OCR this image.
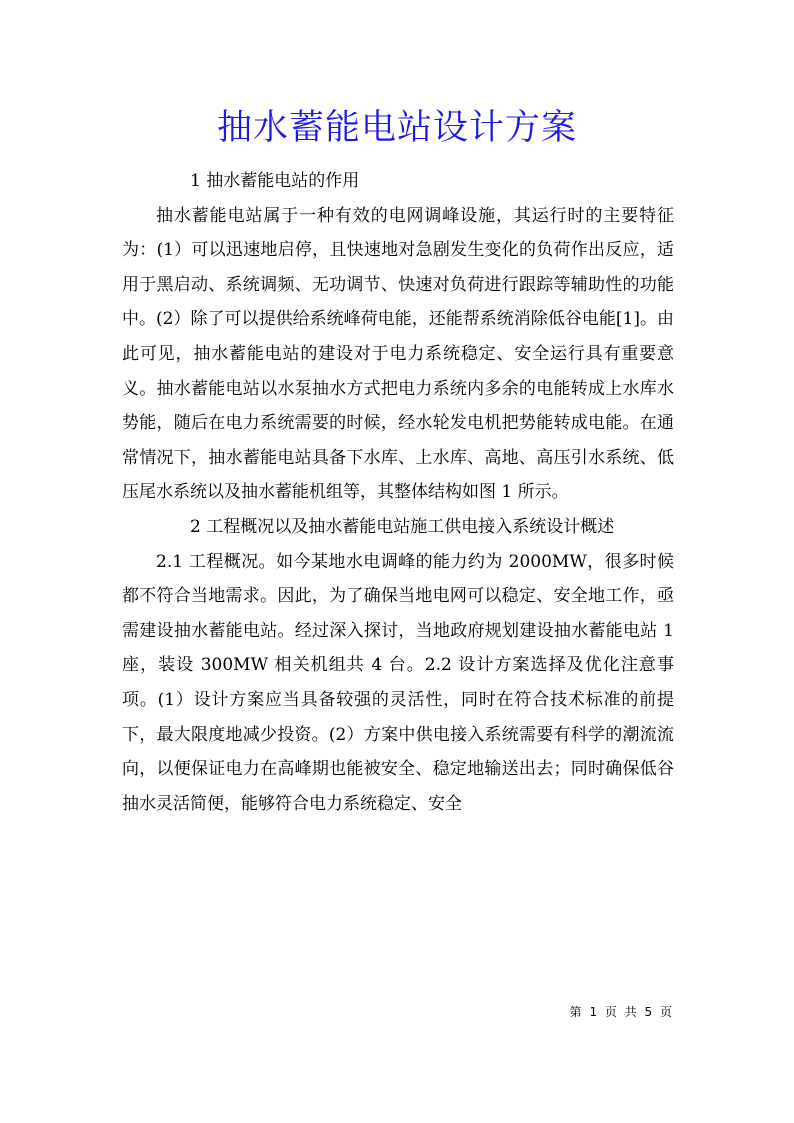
抽水蓄能电站设计方案

1 抽水蓄能电站的作用

抽水蓄能电站属于一种有效的电网调峰设施，其运行时的主要特征为：(1）可以迅速地启停，且快速地对急剧发生变化的负荷作出反应，适用于黑启动、系统调频、无功调节、快速对负荷进行跟踪等辅助性的功能中。(2）除了可以提供给系统峰荷电能，还能帮系统消除低谷电能[1]。由此可见，抽水蓄能电站的建设对于电力系统稳定、安全运行具有重要意义。抽水蓄能电站以水泵抽水方式把电力系统内多余的电能转成上水库水势能，随后在电力系统需要的时候，经水轮发电机把势能转成电能。在通常情况下，抽水蓄能电站具备下水库、上水库、高地、高压引水系统、低压尾水系统以及抽水蓄能机组等，其整体结构如图 1 所示。

2 工程概况以及抽水蓄能电站施工供电接入系统设计概述

2.1 工程概况。如今某地水电调峰的能力约为 2000MW，很多时候都不符合当地需求。因此，为了确保当地电网可以稳定、安全地工作，亟需建设抽水蓄能电站。经过深入探讨，当地政府规划建设抽水蓄能电站 1 座，装设 300MW 相关机组共 4 台。2.2 设计方案选择及优化注意事项。(1）设计方案应当具备较强的灵活性，同时在符合技术标准的前提下，最大限度地减少投资。(2）方案中供电接入系统需要有科学的潮流流向，以便保证电力在高峰期也能被安全、稳定地输送出去；同时确保低谷抽水灵活简便，能够符合电力系统稳定、安全

第 1 页 共 5 页
